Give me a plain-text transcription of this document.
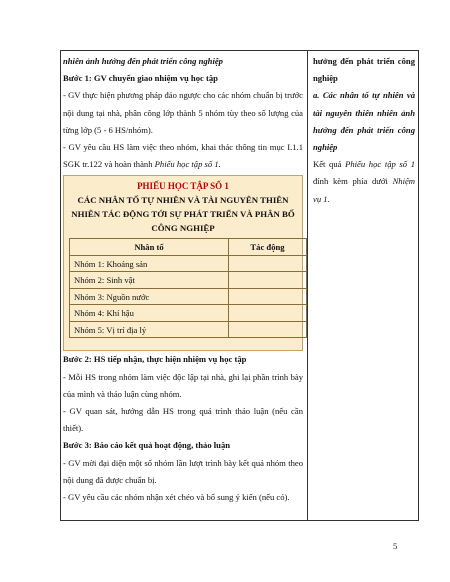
nhiên ảnh hưởng đến phát triển công nghiệp

Bước 1: GV chuyển giao nhiệm vụ học tập

- GV thực hiện phương pháp đảo ngược cho các nhóm chuẩn bị trước nội dung tại nhà, phân công lớp thành 5 nhóm tùy theo số lượng của từng lớp (5 - 6 HS/nhóm).

- GV yêu cầu HS làm việc theo nhóm, khai thác thông tin mục I.1.1 SGK tr.122 và hoàn thành Phiếu học tập số 1.

PHIẾU HỌC TẬP SỐ 1

CÁC NHÂN TỐ TỰ NHIÊN VÀ TÀI NGUYÊN THIÊN NHIÊN TÁC ĐỘNG TỚI SỰ PHÁT TRIỂN VÀ PHÂN BỐ CÔNG NGHIỆP

Nhân tố	Tác động
Nhóm 1: Khoáng sản	
Nhóm 2: Sinh vật	
Nhóm 3: Nguồn nước	
Nhóm 4: Khí hậu	
Nhóm 5: Vị trí địa lý	

Bước 2: HS tiếp nhận, thực hiện nhiệm vụ học tập

- Mỗi HS trong nhóm làm việc độc lập tại nhà, ghi lại phần trình bày của mình và thảo luận cùng nhóm.

- GV quan sát, hướng dẫn HS trong quá trình thảo luận (nếu cần thiết).

Bước 3: Báo cáo kết quả hoạt động, thảo luận

- GV mời đại diện một số nhóm lần lượt trình bày kết quả nhóm theo nội dung đã được chuẩn bị.

- GV yêu cầu các nhóm nhận xét chéo và bổ sung ý kiến (nếu có).

hưởng đến phát triển công nghiệp

a. Các nhân tố tự nhiên và tài nguyên thiên nhiên ảnh hưởng đến phát triển công nghiệp

Kết quả Phiếu học tập số 1 đính kèm phía dưới Nhiệm vụ 1.

5
